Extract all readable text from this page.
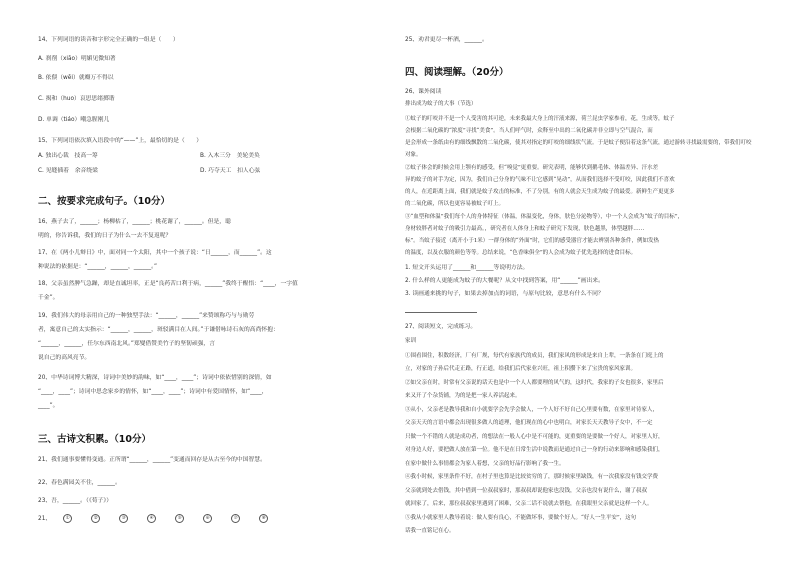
14、下列词语的读音和字形完全正确的一组是（　　）
A. 刹削（xiāo）明媚见微知著
B. 依偎（wēi）就瓣万不得以
C. 揭和（huo）哀思思绪掷谐
D. 单调（tiáo）嘲急腥刚儿
15、下列词语依次填入语段中的“——”上，最恰切的是（　　）
A. 独出心裁　技高一筹	B. 入木三分　美轮美奂
C. 见缝插着　余音绕梁	D. 巧夺天工　扣人心弦
二、按要求完成句子。（10分）
16、燕子去了，______；杨柳枯了，______；桃花谢了，______。但是，聪
明的，你告诉我，我们的日子为什么一去不复返呢？
17、在《两小儿辩日》中，面对同一个太阳，其中一个孩子说：“日______，而______”。这
种说法的依据是：“______，______，______。”
18、父亲虽然脾气急躁，却是直诚坦率，正是“良药苦口利于病，______”我终于醒悟：“____，一字值
千金”。
19、我们伟大的母亲用自己的一种独型手法：“______，______”来赞颂称巧与与勋劳
者，寓意自己的太实指示：“______，______，斑驳满目在人间。”于谦借咏诗石灰的高尚怀抱：
“______，______，任尔东西南北风。”郑燮借赞美竹子的坚韧顽强，言
说自己的高风亮节。
20、中华诗词博大精深，诗词中美妙的韵味，如“____，____”；诗词中依依惜别的深情，如
“____，____”；诗词中思念家乡的情怀，如“____，____”；诗词中有爱国情怀，如“____，
____”。
三、古诗文积累。（10分）
21、我们通事要懂得变通。正所谓“______，______”变通而回存是从古至今的中国智慧。
22、春色满园关不住，______。
23、吾，______。（《荀子》）
21、	①	②	③	④	⑤	⑥	⑦	⑧
25、劝君更尽一杯酒，______。
四、阅读理解。（20分）
26、课外阅读
排出成为蚊子的大事（节选）
①蚊子的叮咬并不是一个人受害的其可逆，未来我最大身上的汗液来源，荷兰昆虫学家参看，花，生成等，蚊子
会根据二氧化碳的“浓度”寻找“美食”。当人们呼气时，众释至中出的二氧化碳并非立即与空气混合，而
是会形成一条纸由有的细线飘散的二氧化碳，使其对指定的叮咬的细线状气流。于是蚊子便沿着这条气流，通过游转寻找最需要的，带我们叮咬
对象。
②蚊子体会的时候会用上颚有的感受，但“嗅觉”更重要。研究表明，能够伏到鹅毛体、体温差异、汗水差
异的蚊子的对手为定，因为，我们自己分身的气味不让它感到“晃动”，从而我们选择不受叮咬，因此我们不喜欢
的人，在近距离上面，我们就是蚊子攻击的标准，不了分别，有的人就会天生成为蚊子的最爱。新鲜生产更更多
的二氧化碳，所以也更容易被蚊子叮上。
③“血型和体温”我们每个人的身体特征（体温，体温变化，身体，肤色分泌物等），中一个人会成为“蚊子的目标”，
身材较胖者对蚊子的吸引力最高。，研究者在人体身上和蚊子研究下发现，肤色越黑，体型越胖……
标”。当蚊子接近（离开小于1米）一群身体的“外面”时，它们的感受器官才能去辨别各种条件，例如发热
的温度，以及衣服的颜色等等。总结来说，“色香味俱全”的人会成为蚊子优先选择的进食目标。
1. 短文开头运用了______和______等说明方法。
2. 什么样的人更能成为蚊子的大餐呢？从文中找到答案，用“______”画出来。
3. 读画通来挑的句子，如果去掉加点的词语，与原句比较，意思有什么不同？
27、阅读短文，完成练习。
家训
①围看围住，积数经济，厂有厂规，每代有家族代的成员，我们家风的形成是来自上辈，一条条在门庭上的
立，对家的子孙后代走正路，行正道，给我们后代家业兴旺，祖上积攒下来了宝贵的家风家训。
②如父亲在时，时常有父亲说的话天也是中一个人人都要理的风气的，这时代，我家的子女也很多，家里后
来又开了个杂货铺，为的是把一家人养活起来。
③从小，父亲老是教导我和自小就要学会先学会做人，一个人好不好自己心里要有数，在家里对待家人，
父亲天天的言语中都会出现很多做人的道理，他们现在的心中也明白，对家长天天教导子女中，不一定
只做一个不错的人就是成功者，的想法在一般人心中是不可能的，更重要的是要做一个好人，对家里人好，
对身边人好，要把做人放在第一位。他不是在日常生活中说教而是通过自己一身的行动来影响和感染我们，
在家中做什么事情都会为家人着想，父亲的好品行影响了我一生。
④我小时候，家里条件不好，在村子里也算是比较贫穷的了，那时候家里缺钱，有一次我家没有钱交学费
父亲就到处去借钱，其中借到一位叔叔家时，那叔叔却说他家也没钱，父亲也没有说什么，谢了叔叔
就回家了，后来，那位叔叔家里遇到了困难，父亲二话不说就去帮他，在我眼里父亲就是这样一个人。
⑤我从小就家里人教导着说：做人要有良心，不能做坏事，要做个好人。“好人一生平安”，这句
话我一直铭记在心。
